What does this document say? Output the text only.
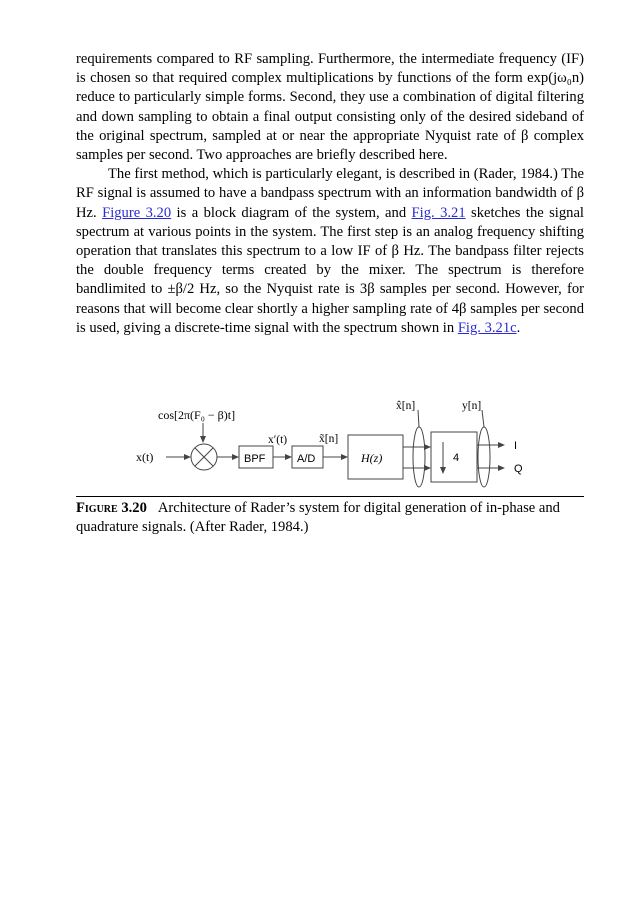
requirements compared to RF sampling. Furthermore, the intermediate frequency (IF) is chosen so that required complex multiplications by functions of the form exp(jω₀n) reduce to particularly simple forms. Second, they use a combination of digital filtering and down sampling to obtain a final output consisting only of the desired sideband of the original spectrum, sampled at or near the appropriate Nyquist rate of β complex samples per second. Two approaches are briefly described here.

The first method, which is particularly elegant, is described in (Rader, 1984.) The RF signal is assumed to have a bandpass spectrum with an information bandwidth of β Hz. Figure 3.20 is a block diagram of the system, and Fig. 3.21 sketches the signal spectrum at various points in the system. The first step is an analog frequency shifting operation that translates this spectrum to a low IF of β Hz. The bandpass filter rejects the double frequency terms created by the mixer. The spectrum is therefore bandlimited to ±β/2 Hz, so the Nyquist rate is 3β samples per second. However, for reasons that will become clear shortly a higher sampling rate of 4β samples per second is used, giving a discrete-time signal with the spectrum shown in Fig. 3.21c.

cos[2π(F₀ − β)t]
x(t)	BPF
x′(t)
A/D
x̃[n]
H(z)
x̂[n]
4
y[n]
I
Q
Figure 3.20 Architecture of Rader’s system for digital generation of in-phase and quadrature signals. (After Rader, 1984.)
